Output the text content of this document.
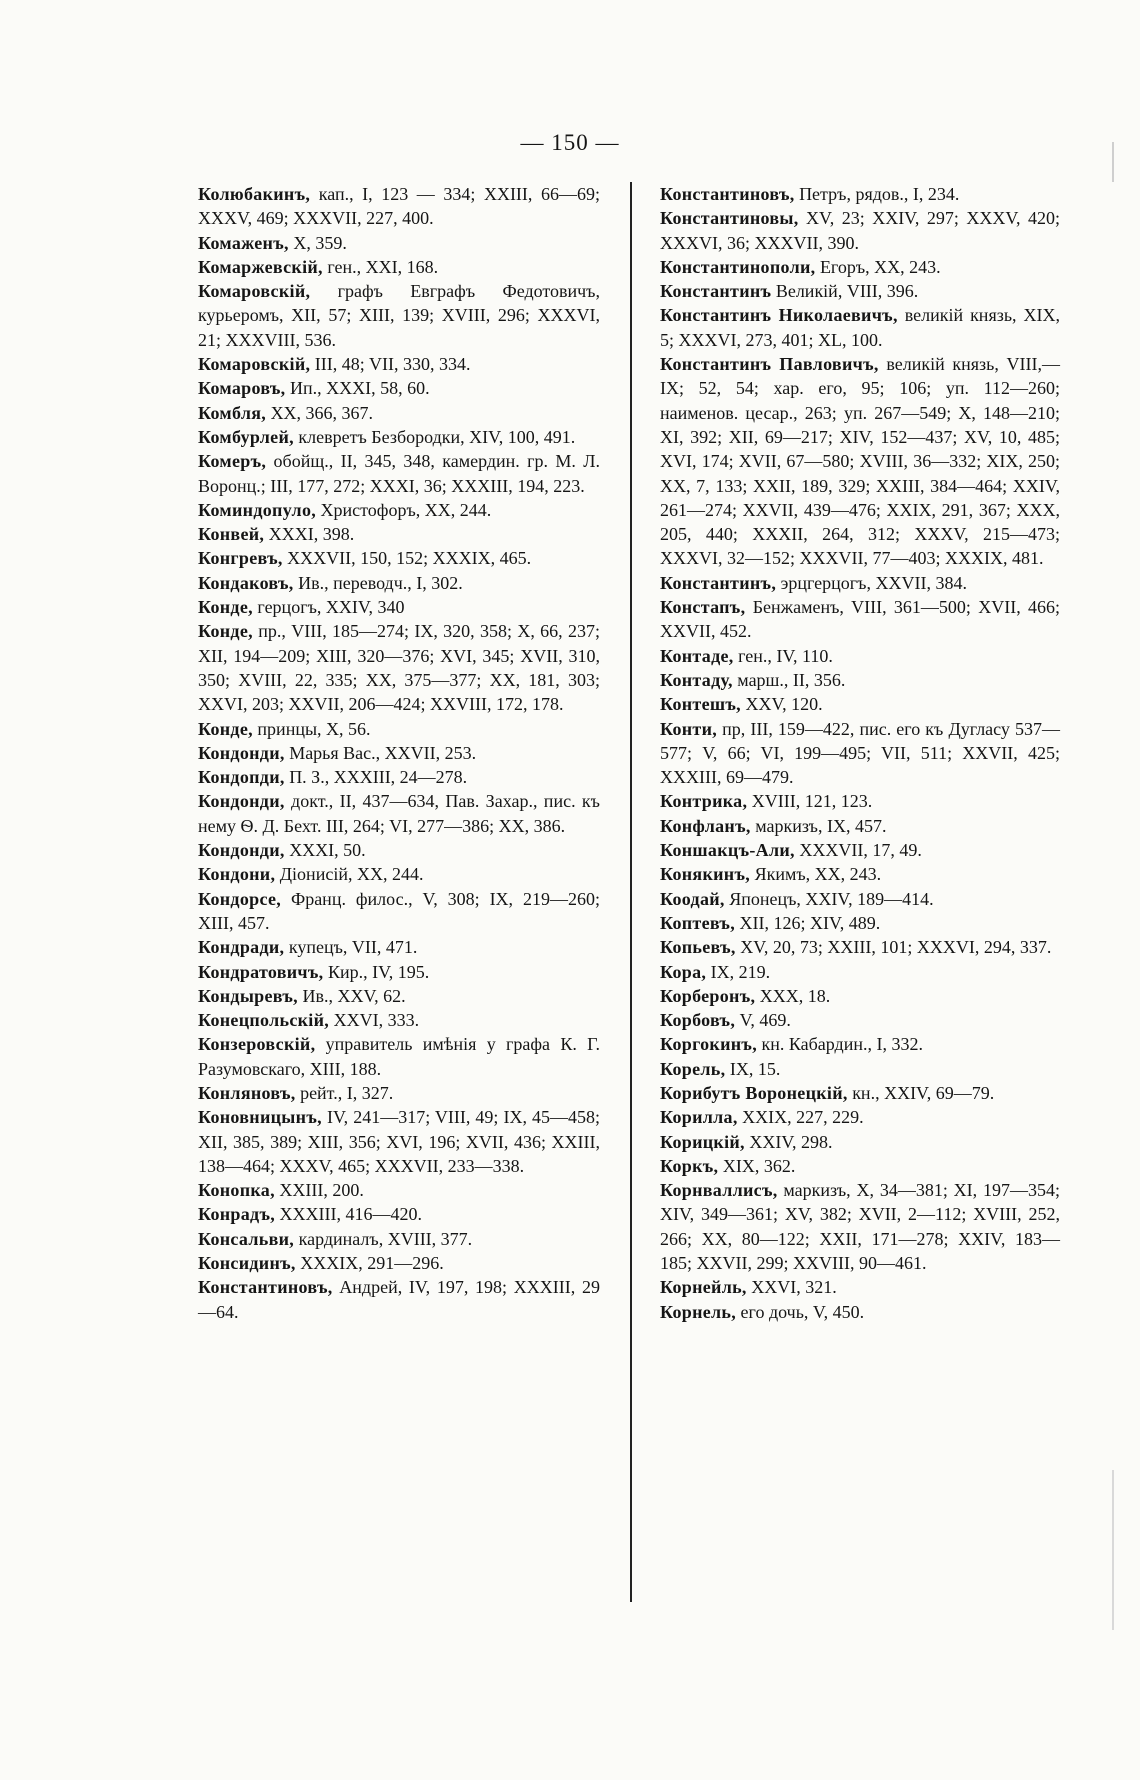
— 150 —

Колюбакинъ, кап., I, 123 — 334; XXIII, 66—69; XXXV, 469; XXXVII, 227, 400.

Комаженъ, X, 359.

Комаржевскій, ген., XXI, 168.

Комаровскій, графъ Евграфъ Федотовичъ, курьеромъ, XII, 57; XIII, 139; XVIII, 296; XXXVI, 21; XXXVIII, 536.

Комаровскій, III, 48; VII, 330, 334.

Комаровъ, Ип., XXXI, 58, 60.

Комбля, XX, 366, 367.

Комбурлей, клевретъ Безбородки, XIV, 100, 491.

Комеръ, обойщ., II, 345, 348, камердин. гр. М. Л. Воронц.; III, 177, 272; XXXI, 36; XXXIII, 194, 223.

Коминдопуло, Христофоръ, XX, 244.

Конвей, XXXI, 398.

Конгревъ, XXXVII, 150, 152; XXXIX, 465.

Кондаковъ, Ив., переводч., I, 302.

Конде, герцогъ, XXIV, 340

Конде, пр., VIII, 185—274; IX, 320, 358; X, 66, 237; XII, 194—209; XIII, 320—376; XVI, 345; XVII, 310, 350; XVIII, 22, 335; XX, 375—377; XX, 181, 303; XXVI, 203; XXVII, 206—424; XXVIII, 172, 178.

Конде, принцы, X, 56.

Кондонди, Марья Вас., XXVII, 253.

Кондопди, П. З., XXXIII, 24—278.

Кондонди, докт., II, 437—634, Пав. Захар., пис. къ нему Ѳ. Д. Бехт. III, 264; VI, 277—386; XX, 386.

Кондонди, XXXI, 50.

Кондони, Діонисій, XX, 244.

Кондорсе, Франц. филос., V, 308; IX, 219—260; XIII, 457.

Кондради, купецъ, VII, 471.

Кондратовичъ, Кир., IV, 195.

Кондыревъ, Ив., XXV, 62.

Конецпольскій, XXVI, 333.

Конзеровскій, управитель имѣнія у графа К. Г. Разумовскаго, XIII, 188.

Конляновъ, рейт., I, 327.

Коновницынъ, IV, 241—317; VIII, 49; IX, 45—458; XII, 385, 389; XIII, 356; XVI, 196; XVII, 436; XXIII, 138—464; XXXV, 465; XXXVII, 233—338.

Конопка, XXIII, 200.

Конрадъ, XXXIII, 416—420.

Консальви, кардиналъ, XVIII, 377.

Консидинъ, XXXIX, 291—296.

Константиновъ, Андрей, IV, 197, 198; XXXIII, 29—64.

Константиновъ, Петръ, рядов., I, 234.

Константиновы, XV, 23; XXIV, 297; XXXV, 420; XXXVI, 36; XXXVII, 390.

Константинополи, Егоръ, XX, 243.

Константинъ Великій, VIII, 396.

Константинъ Николаевичъ, великій князь, XIX, 5; XXXVI, 273, 401; XL, 100.

Константинъ Павловичъ, великій князь, VIII,—IX; 52, 54; хар. его, 95; 106; уп. 112—260; наименов. цесар., 263; уп. 267—549; X, 148—210; XI, 392; XII, 69—217; XIV, 152—437; XV, 10, 485; XVI, 174; XVII, 67—580; XVIII, 36—332; XIX, 250; XX, 7, 133; XXII, 189, 329; XXIII, 384—464; XXIV, 261—274; XXVII, 439—476; XXIX, 291, 367; XXX, 205, 440; XXXII, 264, 312; XXXV, 215—473; XXXVI, 32—152; XXXVII, 77—403; XXXIX, 481.

Константинъ, эрцгерцогъ, XXVII, 384.

Констапъ, Бенжаменъ, VIII, 361—500; XVII, 466; XXVII, 452.

Контаде, ген., IV, 110.

Контаду, марш., II, 356.

Контешъ, XXV, 120.

Конти, пр, III, 159—422, пис. его къ Дугласу 537—577; V, 66; VI, 199—495; VII, 511; XXVII, 425; XXXIII, 69—479.

Контрика, XVIII, 121, 123.

Конфланъ, маркизъ, IX, 457.

Коншакцъ-Али, XXXVII, 17, 49.

Конякинъ, Якимъ, XX, 243.

Коодай, Японецъ, XXIV, 189—414.

Коптевъ, XII, 126; XIV, 489.

Копьевъ, XV, 20, 73; XXIII, 101; XXXVI, 294, 337.

Кора, IX, 219.

Корберонъ, XXX, 18.

Корбовъ, V, 469.

Коргокинъ, кн. Кабардин., I, 332.

Корель, IX, 15.

Корибутъ Воронецкій, кн., XXIV, 69—79.

Корилла, XXIX, 227, 229.

Корицкій, XXIV, 298.

Коркъ, XIX, 362.

Корнваллисъ, маркизъ, X, 34—381; XI, 197—354; XIV, 349—361; XV, 382; XVII, 2—112; XVIII, 252, 266; XX, 80—122; XXII, 171—278; XXIV, 183—185; XXVII, 299; XXVIII, 90—461.

Корнейль, XXVI, 321.

Корнель, его дочь, V, 450.
